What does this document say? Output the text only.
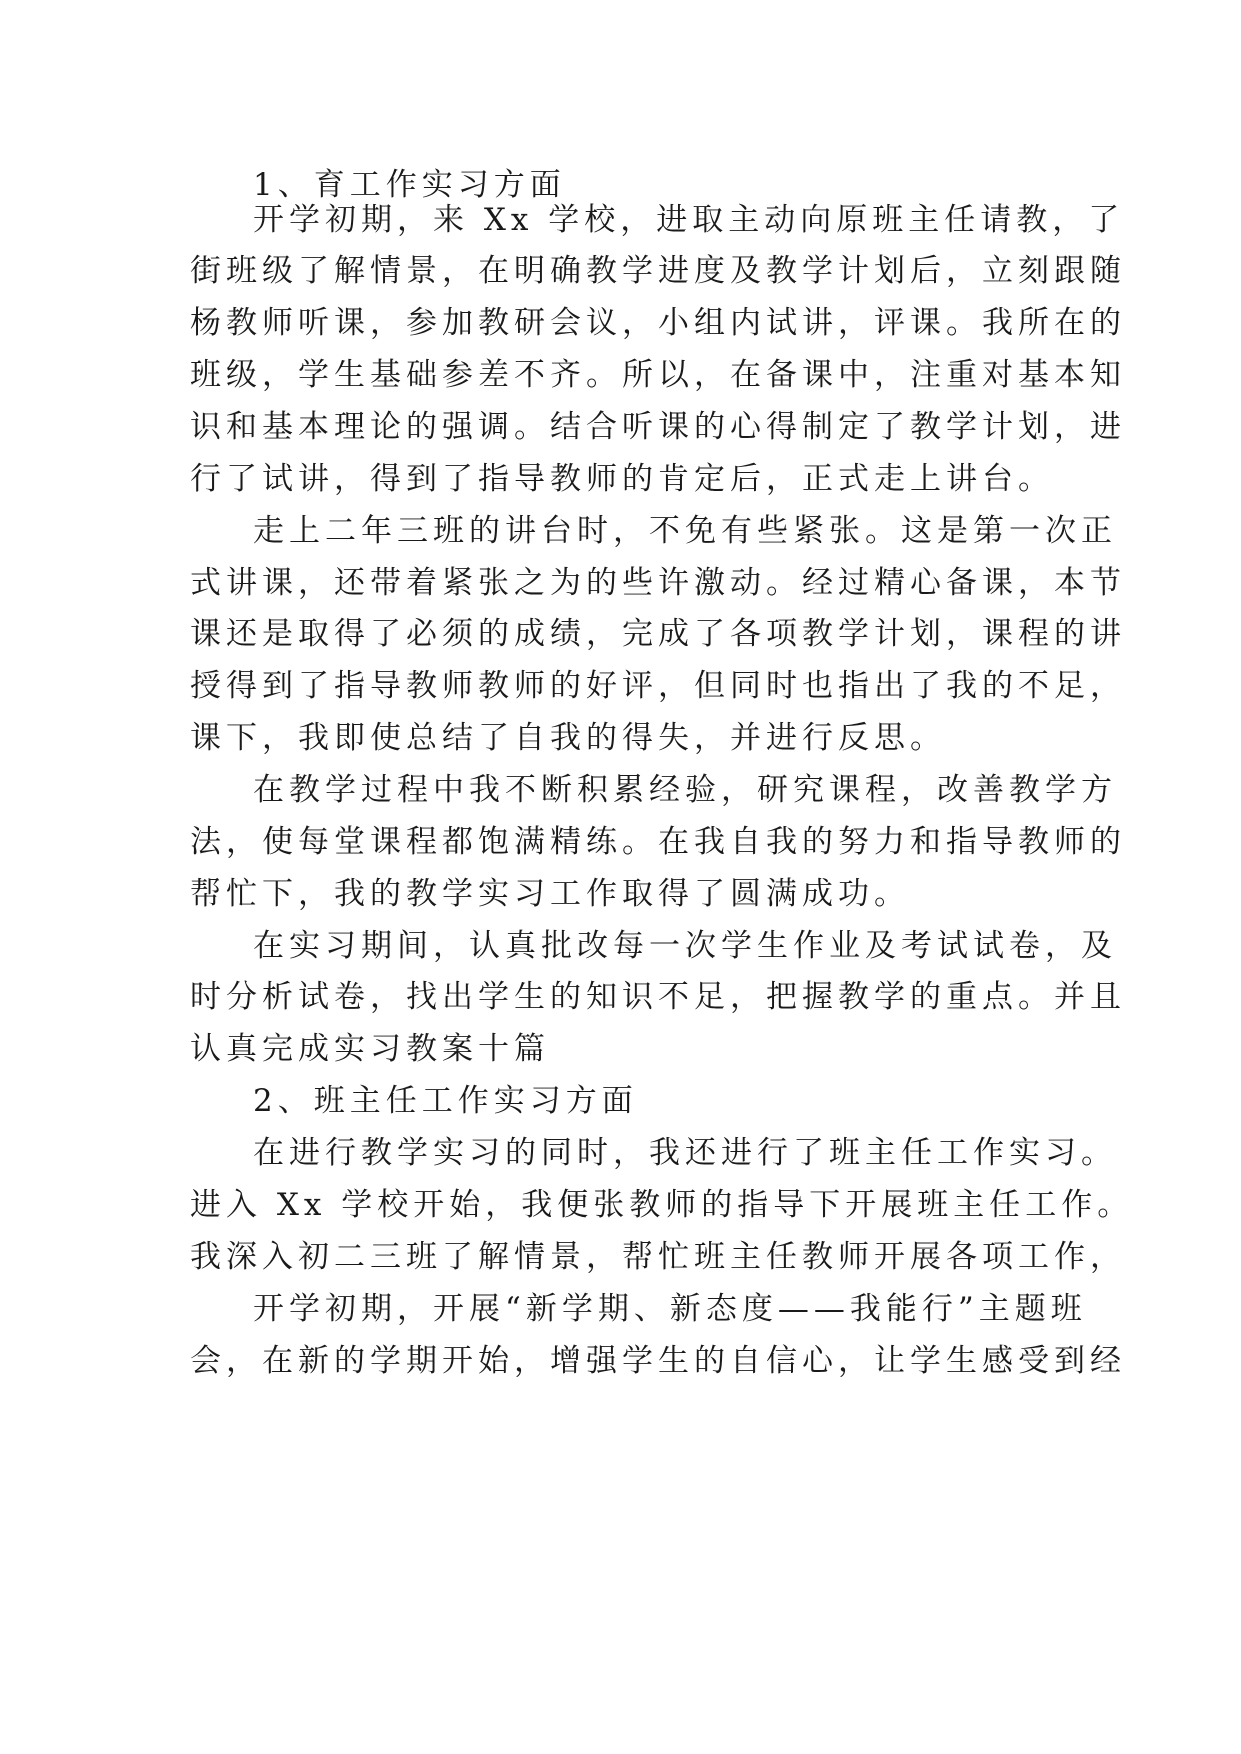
1、育工作实习方面
开学初期，来 Xx 学校，进取主动向原班主任请教，了
街班级了解情景，在明确教学进度及教学计划后，立刻跟随
杨教师听课，参加教研会议，小组内试讲，评课。我所在的
班级，学生基础参差不齐。所以，在备课中，注重对基本知
识和基本理论的强调。结合听课的心得制定了教学计划，进
行了试讲，得到了指导教师的肯定后，正式走上讲台。
走上二年三班的讲台时，不免有些紧张。这是第一次正
式讲课，还带着紧张之为的些许激动。经过精心备课，本节
课还是取得了必须的成绩，完成了各项教学计划，课程的讲
授得到了指导教师教师的好评，但同时也指出了我的不足，
课下，我即使总结了自我的得失，并进行反思。
在教学过程中我不断积累经验，研究课程，改善教学方
法，使每堂课程都饱满精练。在我自我的努力和指导教师的
帮忙下，我的教学实习工作取得了圆满成功。
在实习期间，认真批改每一次学生作业及考试试卷，及
时分析试卷，找出学生的知识不足，把握教学的重点。并且
认真完成实习教案十篇
2、班主任工作实习方面
在进行教学实习的同时，我还进行了班主任工作实习。
进入 Xx 学校开始，我便张教师的指导下开展班主任工作。
我深入初二三班了解情景，帮忙班主任教师开展各项工作，
开学初期，开展“新学期、新态度——我能行”主题班
会，在新的学期开始，增强学生的自信心，让学生感受到经
